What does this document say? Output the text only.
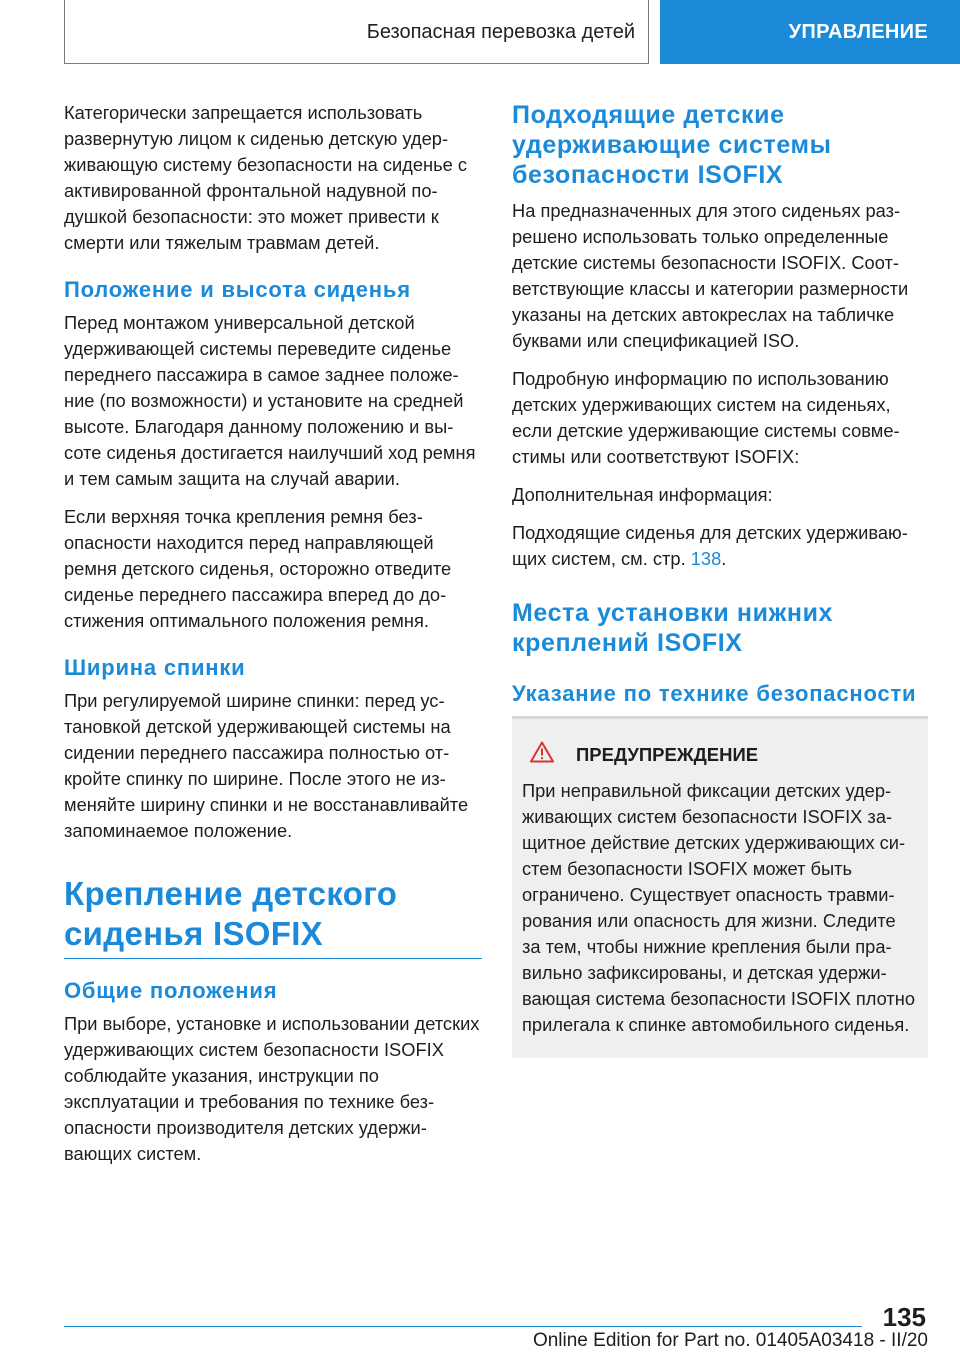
Безопасная перевозка детей	УПРАВЛЕНИЕ

Категорически запрещается использовать развернутую лицом к сиденью детскую удерживающую систему безопасности на сиденье с активированной фронтальной надувной подушкой безопасности: это может привести к смерти или тяжелым травмам детей.

Положение и высота сиденья

Перед монтажом универсальной детской удерживающей системы переведите сиденье переднего пассажира в самое заднее положение (по возможности) и установите на средней высоте. Благодаря данному положению и высоте сиденья достигается наилучший ход ремня и тем самым защита на случай аварии.

Если верхняя точка крепления ремня безопасности находится перед направляющей ремня детского сиденья, осторожно отведите сиденье переднего пассажира вперед до достижения оптимального положения ремня.

Ширина спинки

При регулируемой ширине спинки: перед установкой детской удерживающей системы на сидении переднего пассажира полностью откройте спинку по ширине. После этого не изменяйте ширину спинки и не восстанавливайте запоминаемое положение.

Крепление детского сиденья ISOFIX
Общие положения

При выборе, установке и использовании детских удерживающих систем безопасности ISOFIX соблюдайте указания, инструкции по эксплуатации и требования по технике безопасности производителя детских удерживающих систем.

Подходящие детские удерживающие системы безопасности ISOFIX

На предназначенных для этого сиденьях разрешено использовать только определенные детские системы безопасности ISOFIX. Соответствующие классы и категории размерности указаны на детских автокреслах на табличке буквами или спецификацией ISO.

Подробную информацию по использованию детских удерживающих систем на сиденьях, если детские удерживающие системы совместимы или соответствуют ISOFIX:

Дополнительная информация:

Подходящие сиденья для детских удерживающих систем, см. стр. 138.

Места установки нижних креплений ISOFIX
Указание по технике безопасности
ПРЕДУПРЕЖДЕНИЕ

При неправильной фиксации детских удерживающих систем безопасности ISOFIX защитное действие детских удерживающих систем безопасности ISOFIX может быть ограничено. Существует опасность травмирования или опасность для жизни. Следите за тем, чтобы нижние крепления были правильно зафиксированы, и детская удерживающая система безопасности ISOFIX плотно прилегала к спинке автомобильного сиденья.

135
Online Edition for Part no. 01405A03418 - II/20
